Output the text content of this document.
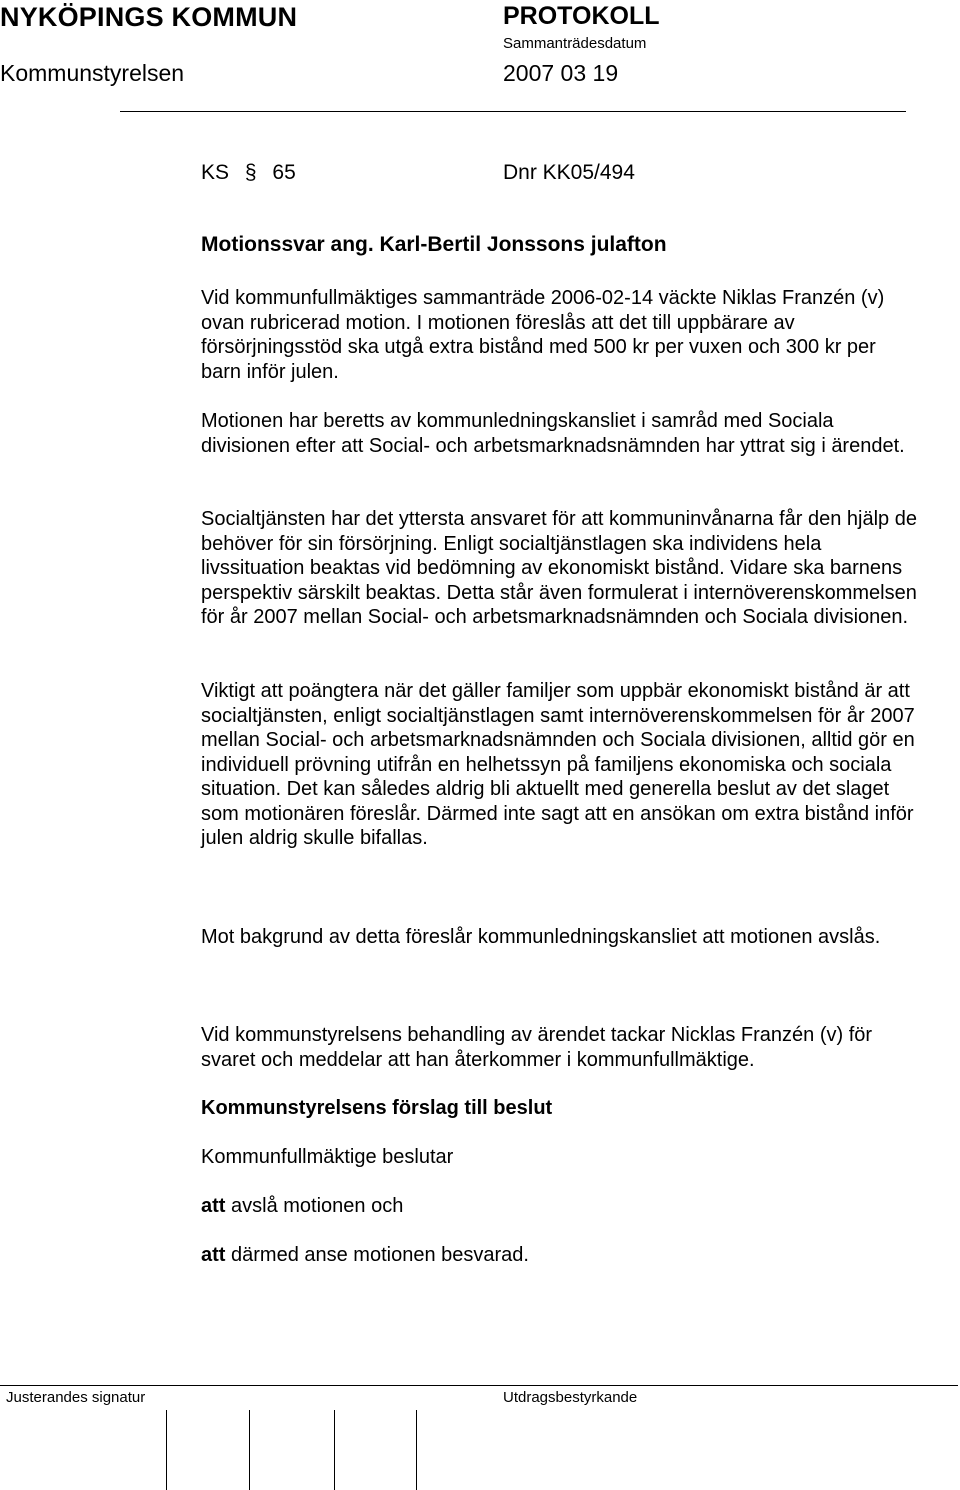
NYKÖPINGS KOMMUN	PROTOKOLL
Sammanträdesdatum
Kommunstyrelsen	2007 03 19
KS § 65	Dnr KK05/494
Motionssvar ang. Karl-Bertil Jonssons julafton
Vid kommunfullmäktiges sammanträde 2006-02-14 väckte Niklas Franzén (v) ovan rubricerad motion. I motionen föreslås att det till uppbärare av försörjningsstöd ska utgå extra bistånd med 500 kr per vuxen och 300 kr per barn inför julen.
Motionen har beretts av kommunledningskansliet i samråd med Sociala divisionen efter att Social- och arbetsmarknadsnämnden har yttrat sig i ärendet.
Socialtjänsten har det yttersta ansvaret för att kommuninvånarna får den hjälp de behöver för sin försörjning. Enligt socialtjänstlagen ska individens hela livssituation beaktas vid bedömning av ekonomiskt bistånd. Vidare ska barnens perspektiv särskilt beaktas. Detta står även formulerat i internöverenskommelsen för år 2007 mellan Social- och arbetsmarknadsnämnden och Sociala divisionen.
Viktigt att poängtera när det gäller familjer som uppbär ekonomiskt bistånd är att socialtjänsten, enligt socialtjänstlagen samt internöverenskommelsen för år 2007 mellan Social- och arbetsmarknadsnämnden och Sociala divisionen, alltid gör en individuell prövning utifrån en helhetssyn på familjens ekonomiska och sociala situation. Det kan således aldrig bli aktuellt med generella beslut av det slaget som motionären föreslår. Därmed inte sagt att en ansökan om extra bistånd inför julen aldrig skulle bifallas.
Mot bakgrund av detta föreslår kommunledningskansliet att motionen avslås.
Vid kommunstyrelsens behandling av ärendet tackar Nicklas Franzén (v) för svaret och meddelar att han återkommer i kommunfullmäktige.
Kommunstyrelsens förslag till beslut
Kommunfullmäktige beslutar
att avslå motionen och
att därmed anse motionen besvarad.
Justerandes signatur	Utdragsbestyrkande
